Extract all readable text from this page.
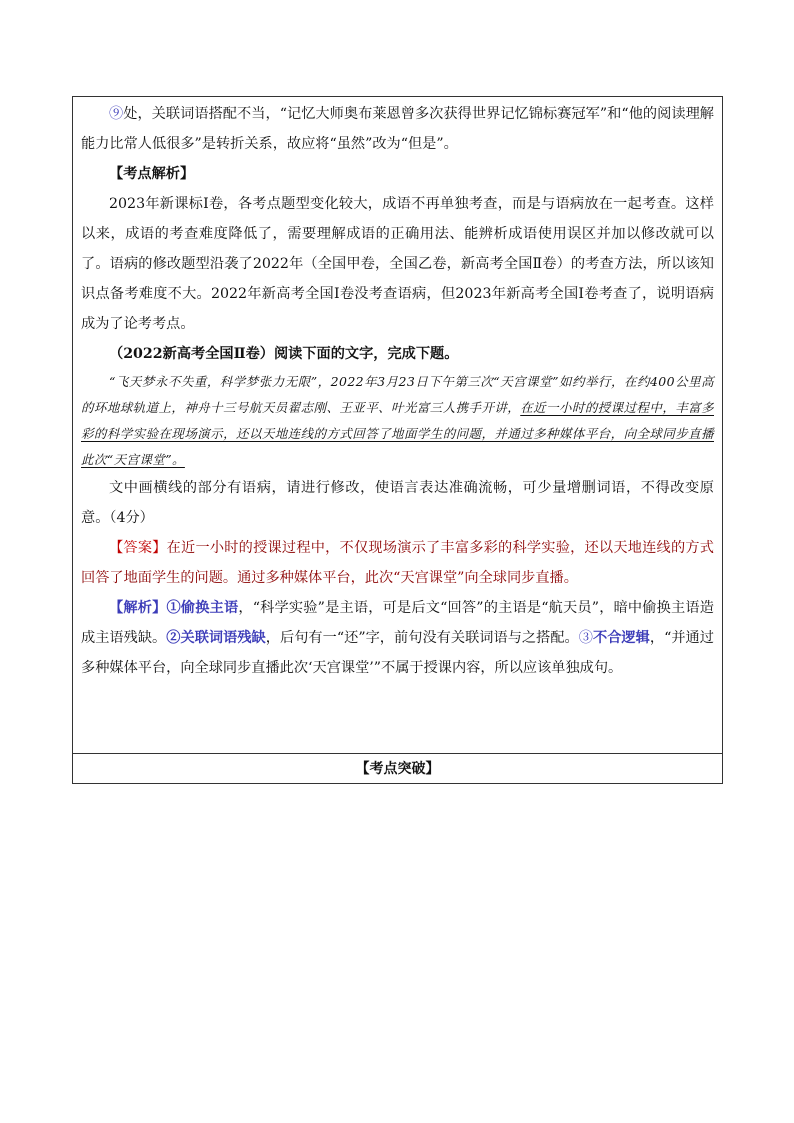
⑨处，关联词语搭配不当，“记忆大师奥布莱恩曾多次获得世界记忆锦标赛冠军”和“他的阅读理解能力比常人低很多”是转折关系，故应将“虽然”改为“但是”。

【考点解析】

2023年新课标Ⅰ卷，各考点题型变化较大，成语不再单独考查，而是与语病放在一起考查。这样以来，成语的考查难度降低了，需要理解成语的正确用法、能辨析成语使用误区并加以修改就可以了。语病的修改题型沿袭了2022年（全国甲卷，全国乙卷，新高考全国Ⅱ卷）的考查方法，所以该知识点备考难度不大。2022年新高考全国Ⅰ卷没考查语病，但2023年新高考全国Ⅰ卷考查了，说明语病成为了论考考点。

（2022新高考全国Ⅱ卷）阅读下面的文字，完成下题。

“飞天梦永不失重，科学梦张力无限”，2022年3月23日下午第三次“天宫课堂”如约举行，在约400公里高的环地球轨道上，神舟十三号航天员翟志刚、王亚平、叶光富三人携手开讲，在近一小时的授课过程中，丰富多彩的科学实验在现场演示，还以天地连线的方式回答了地面学生的问题，并通过多种媒体平台，向全球同步直播此次“天宫课堂”。

文中画横线的部分有语病，请进行修改，使语言表达准确流畅，可少量增删词语，不得改变原意。（4分）

【答案】在近一小时的授课过程中，不仅现场演示了丰富多彩的科学实验，还以天地连线的方式回答了地面学生的问题。通过多种媒体平台，此次“天宫课堂”向全球同步直播。

【解析】①偷换主语，“科学实验”是主语，可是后文“回答”的主语是“航天员”，暗中偷换主语造成主语残缺。②关联词语残缺，后句有一“还”字，前句没有关联词语与之搭配。③不合逻辑，“并通过多种媒体平台，向全球同步直播此次‘天宫课堂’”不属于授课内容，所以应该单独成句。

【考点突破】
